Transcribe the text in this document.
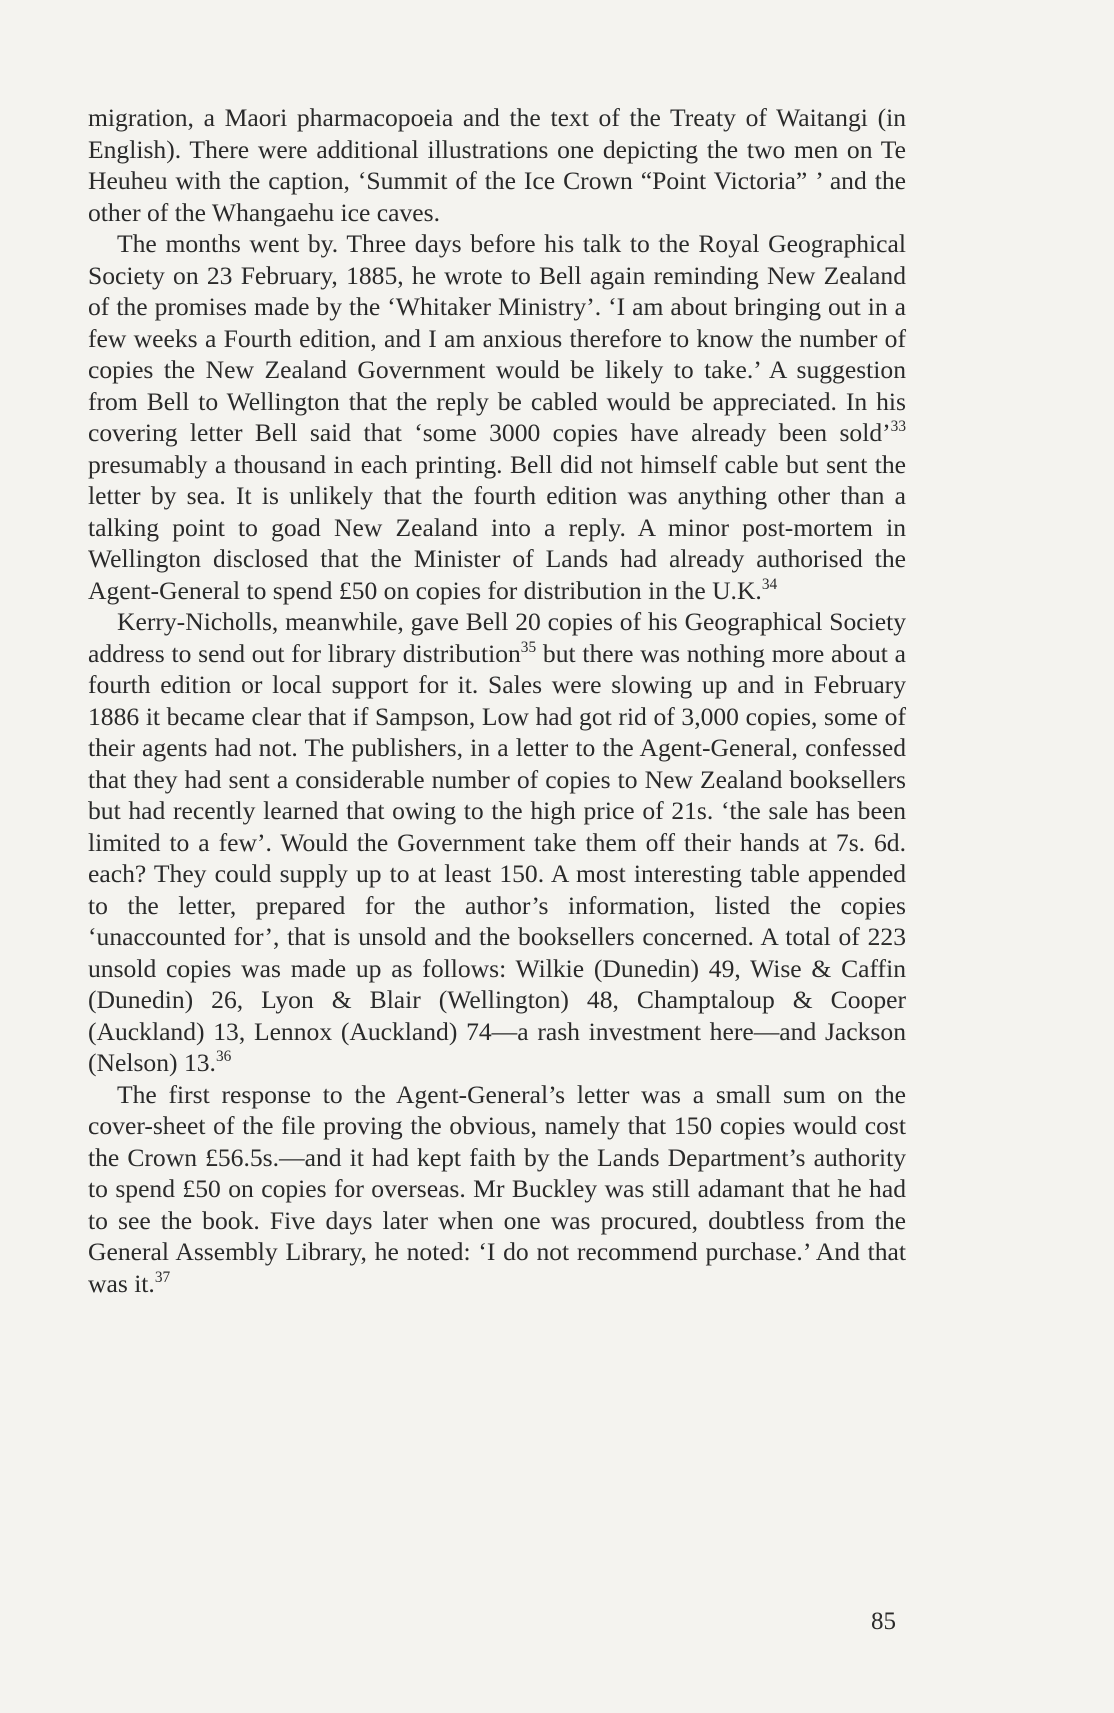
migration, a Maori pharmacopoeia and the text of the Treaty of Waitangi (in English). There were additional illustrations one depicting the two men on Te Heuheu with the caption, ‘Summit of the Ice Crown “Point Victoria” ’ and the other of the Whangaehu ice caves.

The months went by. Three days before his talk to the Royal Geographical Society on 23 February, 1885, he wrote to Bell again reminding New Zealand of the promises made by the ‘Whitaker Ministry’. ‘I am about bringing out in a few weeks a Fourth edition, and I am anxious therefore to know the number of copies the New Zealand Government would be likely to take.’ A suggestion from Bell to Wellington that the reply be cabled would be appreciated. In his covering letter Bell said that ‘some 3000 copies have already been sold’$^{33}$ presumably a thousand in each printing. Bell did not himself cable but sent the letter by sea. It is unlikely that the fourth edition was anything other than a talking point to goad New Zealand into a reply. A minor post-mortem in Wellington disclosed that the Minister of Lands had already authorised the Agent-General to spend £50 on copies for distribution in the U.K.$^{34}$

Kerry-Nicholls, meanwhile, gave Bell 20 copies of his Geographical Society address to send out for library distribution$^{35}$ but there was nothing more about a fourth edition or local support for it. Sales were slowing up and in February 1886 it became clear that if Sampson, Low had got rid of 3,000 copies, some of their agents had not. The publishers, in a letter to the Agent-General, confessed that they had sent a considerable number of copies to New Zealand booksellers but had recently learned that owing to the high price of 21s. ‘the sale has been limited to a few’. Would the Government take them off their hands at 7s. 6d. each? They could supply up to at least 150. A most interesting table appended to the letter, prepared for the author’s information, listed the copies ‘unaccounted for’, that is unsold and the booksellers concerned. A total of 223 unsold copies was made up as follows: Wilkie (Dunedin) 49, Wise & Caffin (Dunedin) 26, Lyon & Blair (Wellington) 48, Champtaloup & Cooper (Auckland) 13, Lennox (Auckland) 74—a rash investment here—and Jackson (Nelson) 13.36

The first response to the Agent-General’s letter was a small sum on the cover-sheet of the file proving the obvious, namely that 150 copies would cost the Crown £56.5s.—and it had kept faith by the Lands Department’s authority to spend £50 on copies for overseas. Mr Buckley was still adamant that he had to see the book. Five days later when one was procured, doubtless from the General Assembly Library, he noted: ‘I do not recommend purchase.’ And that was it.$^{37}$

85
